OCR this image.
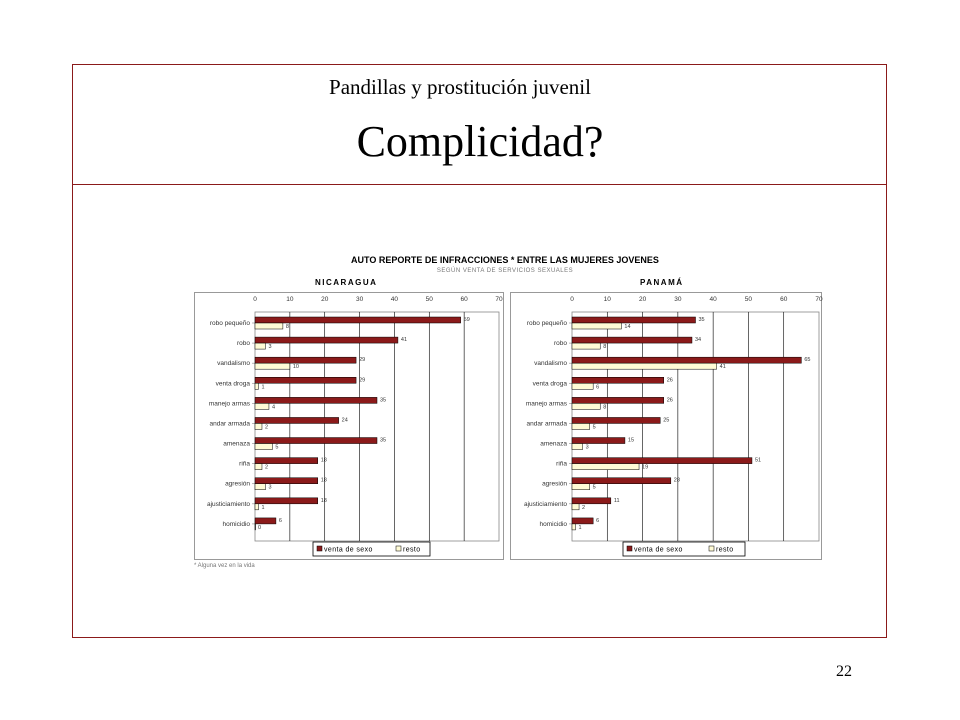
Pandillas y prostitución juvenil
Complicidad?
AUTO REPORTE DE INFRACCIONES * ENTRE LAS MUJERES JOVENES
SEGÚN VENTA DE SERVICIOS SEXUALES
NICARAGUA	PANAMÁ
0	10	20	30	40	50	60	70
robo pequeño	59
8
robo	41
3
vandalismo	29
10
venta droga	29
1
manejo armas	35
4
andar armada	24
2
amenaza	35
5
riña	18
2
agresión	18
3
ajusticiamiento	18
1
homicidio	6
0
venta de sexo	resto
0	10	20	30	40	50	60	70
robo pequeño	35
14
robo	34
8
vandalismo	65
41
venta droga	26
6
manejo armas	26
8
andar armada	25
5
amenaza	15
3
riña	51
19
agresión	28
5
ajusticiamiento	11
2
homicidio	6
1
venta de sexo	resto
* Alguna vez en la vida
22
